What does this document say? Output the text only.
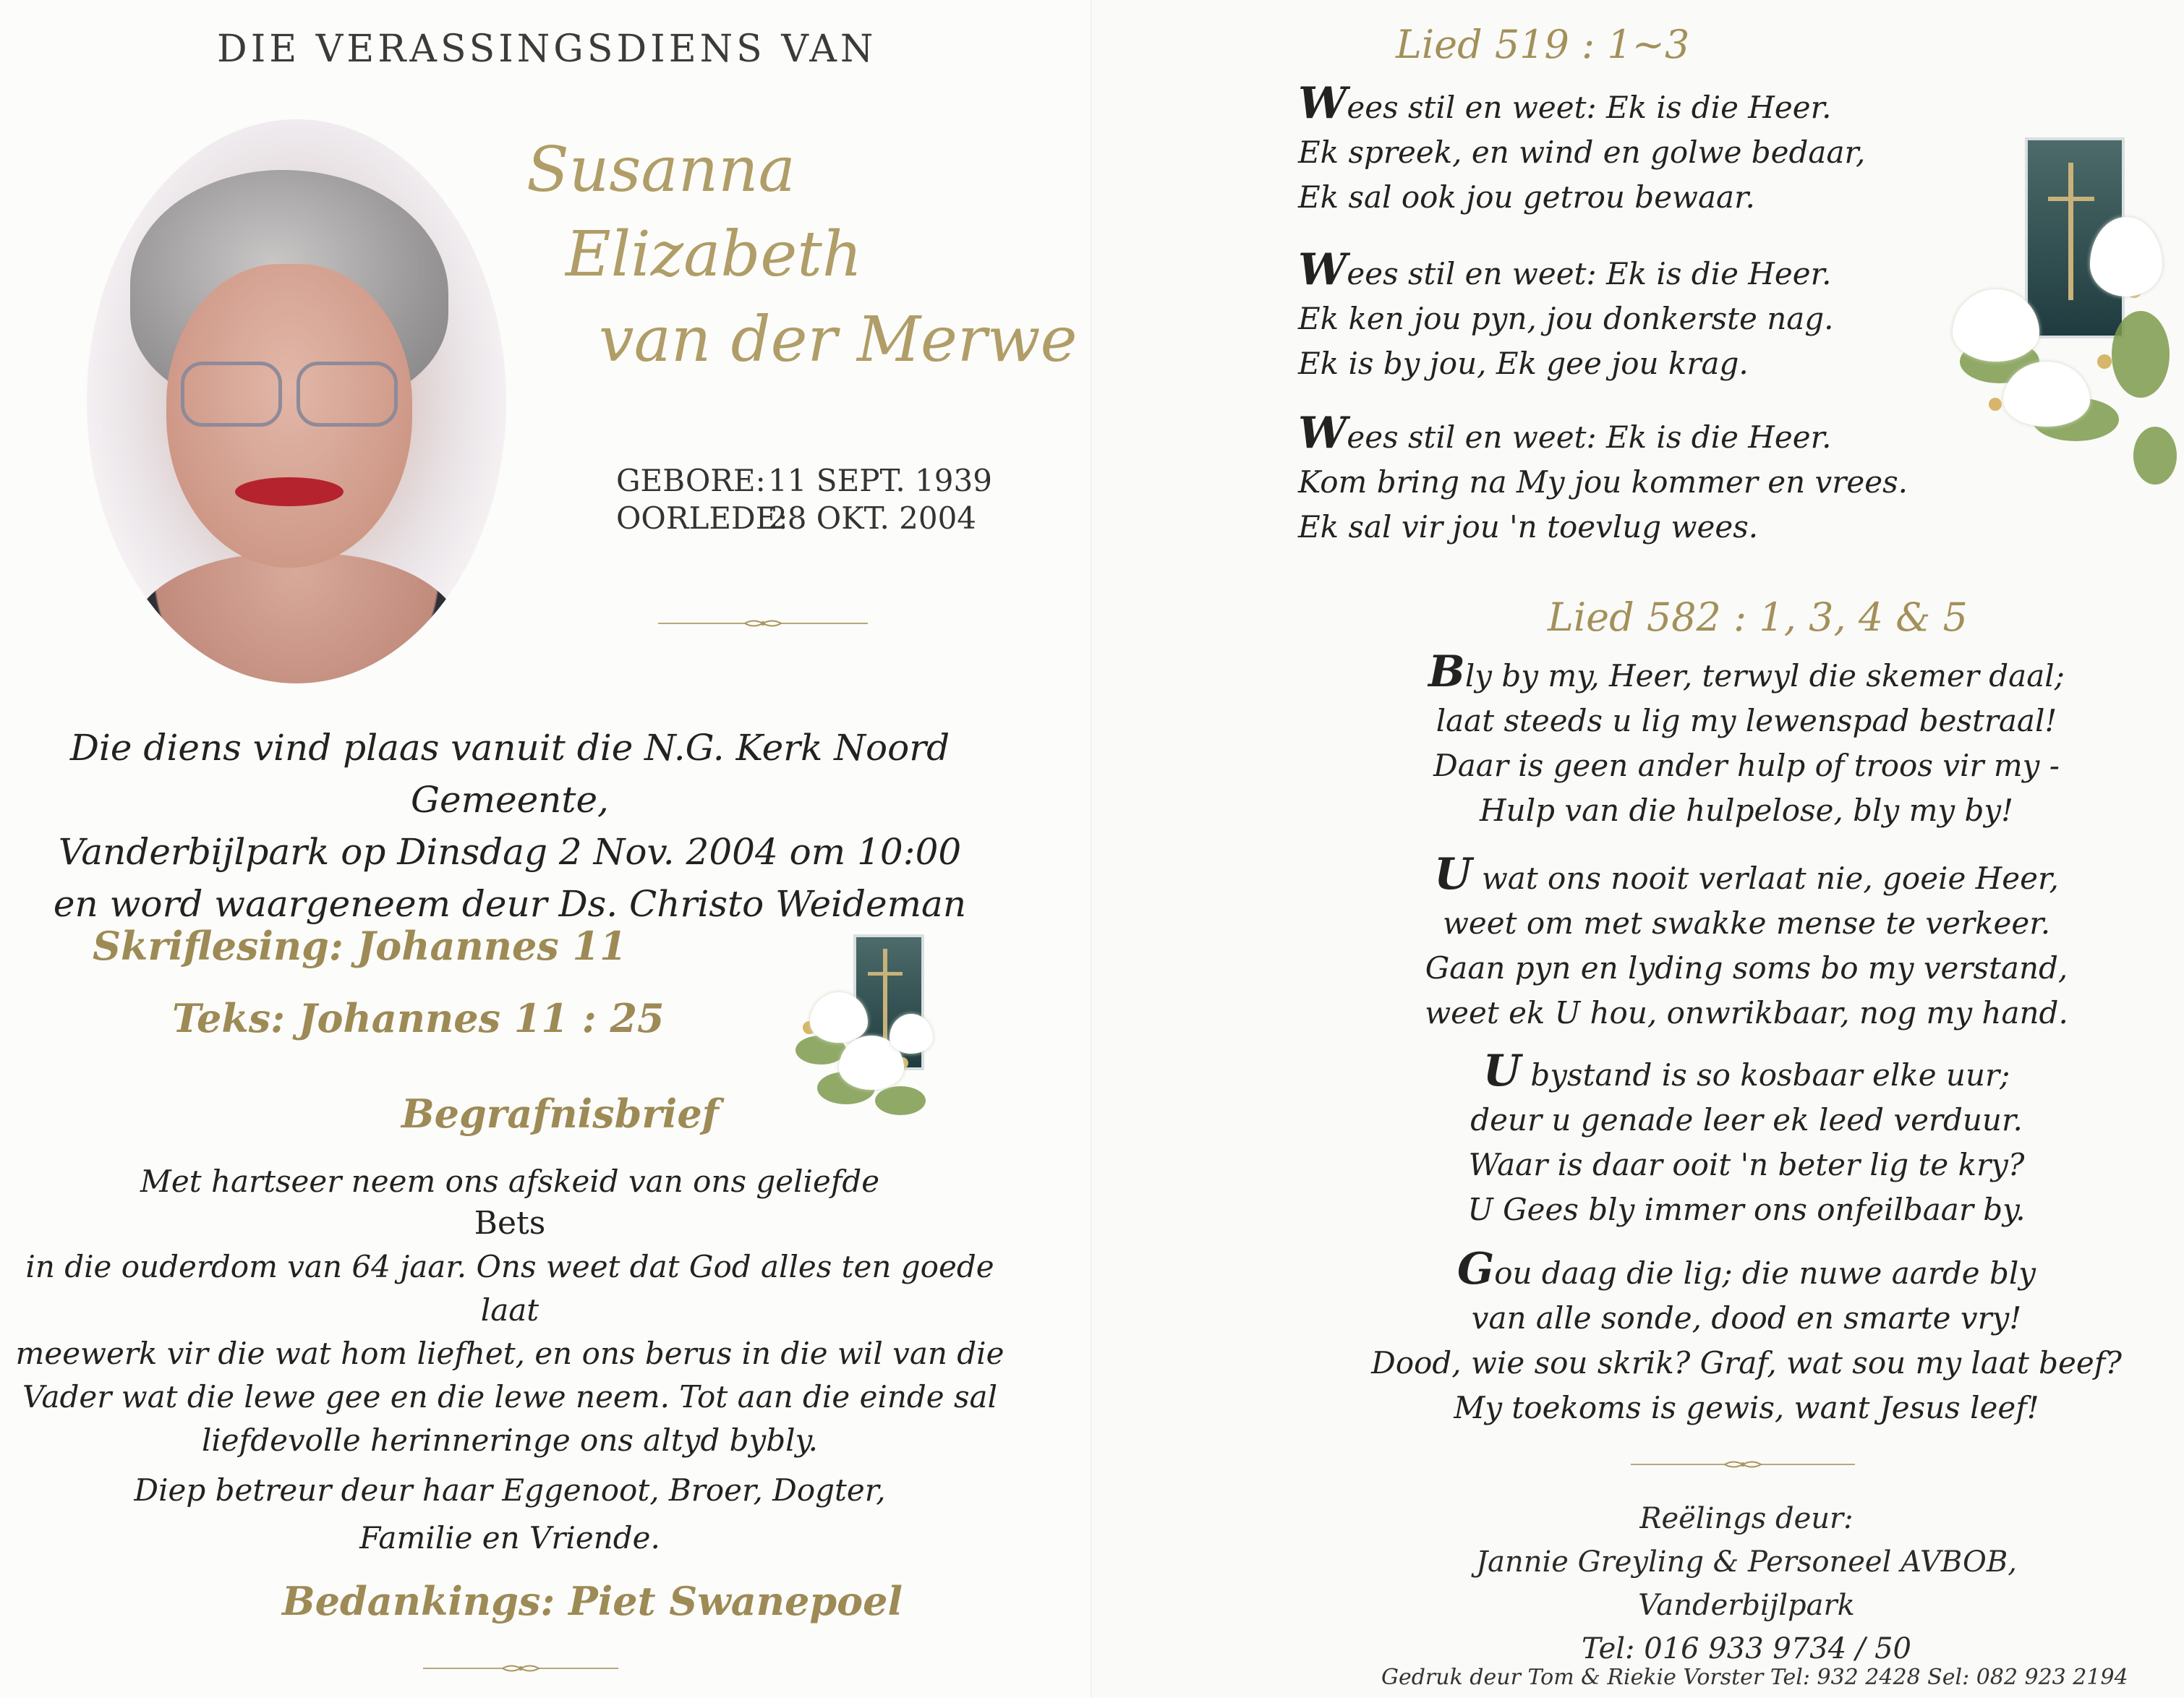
DIE VERASSINGSDIENS VAN
Susanna
Elizabeth
van der Merwe
GEBORE:11 SEPT. 1939
OORLEDE:28 OKT. 2004
Die diens vind plaas vanuit die N.G. Kerk Noord Gemeente,
Vanderbijlpark op Dinsdag 2 Nov. 2004 om 10:00
en word waargeneem deur Ds. Christo Weideman
Skriflesing: Johannes 11
Teks: Johannes 11 : 25
Begrafnisbrief
Met hartseer neem ons afskeid van ons geliefde
Bets
in die ouderdom van 64 jaar. Ons weet dat God alles ten goede laat
meewerk vir die wat hom liefhet, en ons berus in die wil van die
Vader wat die lewe gee en die lewe neem. Tot aan die einde sal
liefdevolle herinneringe ons altyd bybly.
Diep betreur deur haar Eggenoot, Broer, Dogter,
Familie en Vriende.
Bedankings: Piet Swanepoel
Lied 519 : 1~3
Wees stil en weet: Ek is die Heer.
Ek spreek, en wind en golwe bedaar,
Ek sal ook jou getrou bewaar.
Wees stil en weet: Ek is die Heer.
Ek ken jou pyn, jou donkerste nag.
Ek is by jou, Ek gee jou krag.
Wees stil en weet: Ek is die Heer.
Kom bring na My jou kommer en vrees.
Ek sal vir jou 'n toevlug wees.
Lied 582 : 1, 3, 4 & 5
Bly by my, Heer, terwyl die skemer daal;
laat steeds u lig my lewenspad bestraal!
Daar is geen ander hulp of troos vir my -
Hulp van die hulpelose, bly my by!
U wat ons nooit verlaat nie, goeie Heer,
weet om met swakke mense te verkeer.
Gaan pyn en lyding soms bo my verstand,
weet ek U hou, onwrikbaar, nog my hand.
U bystand is so kosbaar elke uur;
deur u genade leer ek leed verduur.
Waar is daar ooit 'n beter lig te kry?
U Gees bly immer ons onfeilbaar by.
Gou daag die lig; die nuwe aarde bly
van alle sonde, dood en smarte vry!
Dood, wie sou skrik? Graf, wat sou my laat beef?
My toekoms is gewis, want Jesus leef!
Reëlings deur:
Jannie Greyling & Personeel AVBOB, Vanderbijlpark
Tel: 016 933 9734 / 50
Gedruk deur Tom & Riekie Vorster Tel: 932 2428 Sel: 082 923 2194
